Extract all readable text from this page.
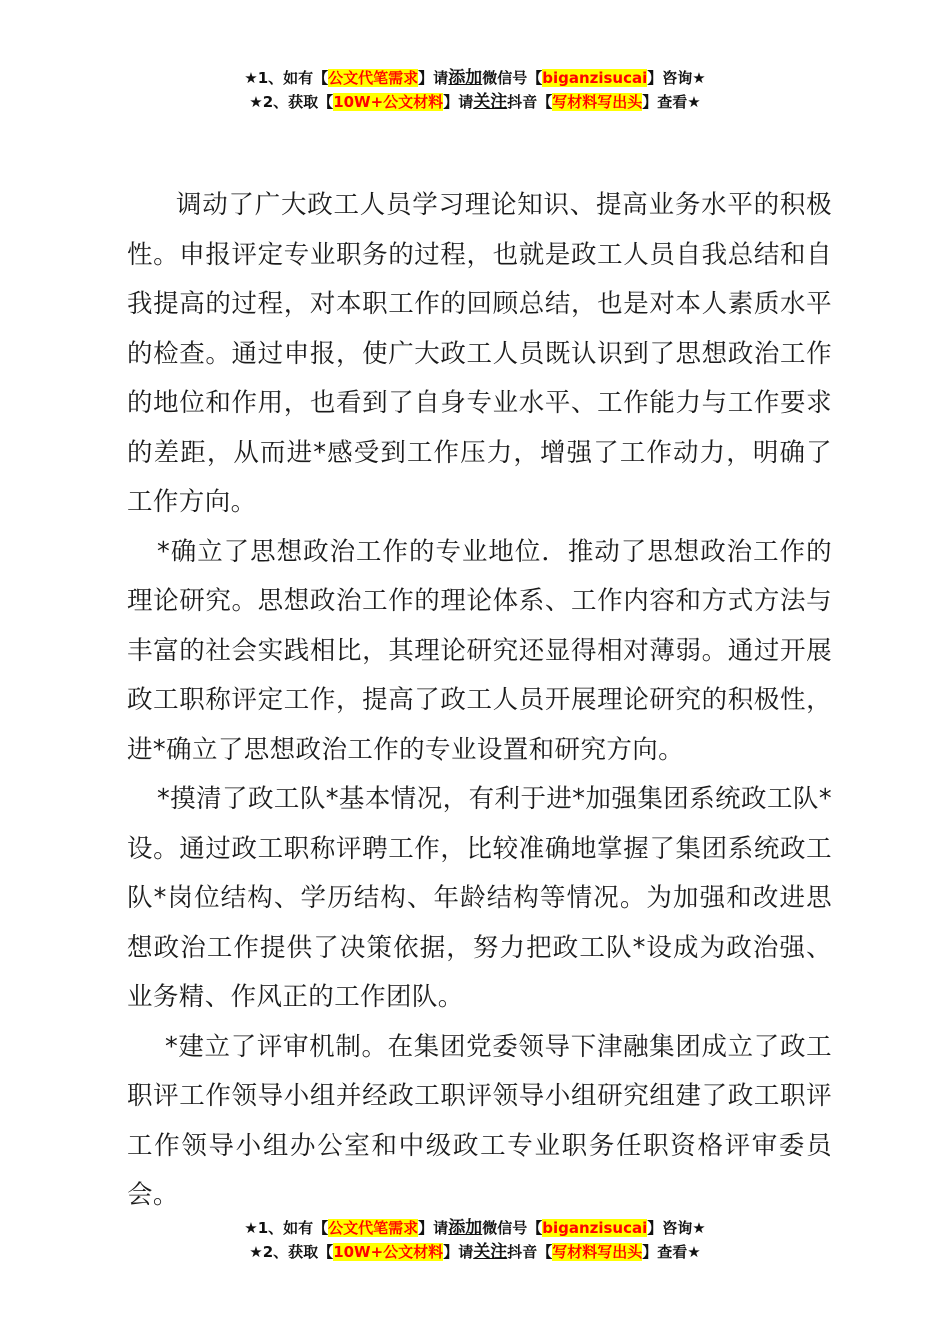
★1、如有【公文代笔需求】请添加微信号【biganzisucai】咨询★
★2、获取【10W+公文材料】请关注抖音【写材料写出头】查看★

调动了广大政工人员学习理论知识、提高业务水平的积极性。申报评定专业职务的过程，也就是政工人员自我总结和自我提高的过程，对本职工作的回顾总结，也是对本人素质水平的检查。通过申报，使广大政工人员既认识到了思想政治工作的地位和作用，也看到了自身专业水平、工作能力与工作要求的差距，从而进*感受到工作压力，增强了工作动力，明确了工作方向。

*确立了思想政治工作的专业地位．推动了思想政治工作的理论研究。思想政治工作的理论体系、工作内容和方式方法与丰富的社会实践相比，其理论研究还显得相对薄弱。通过开展政工职称评定工作，提高了政工人员开展理论研究的积极性，进*确立了思想政治工作的专业设置和研究方向。

*摸清了政工队*基本情况，有利于进*加强集团系统政工队*设。通过政工职称评聘工作，比较准确地掌握了集团系统政工队*岗位结构、学历结构、年龄结构等情况。为加强和改进思想政治工作提供了决策依据，努力把政工队*设成为政治强、业务精、作风正的工作团队。

*建立了评审机制。在集团党委领导下津融集团成立了政工职评工作领导小组并经政工职评领导小组研究组建了政工职评工作领导小组办公室和中级政工专业职务任职资格评审委员会。

★1、如有【公文代笔需求】请添加微信号【biganzisucai】咨询★
★2、获取【10W+公文材料】请关注抖音【写材料写出头】查看★
